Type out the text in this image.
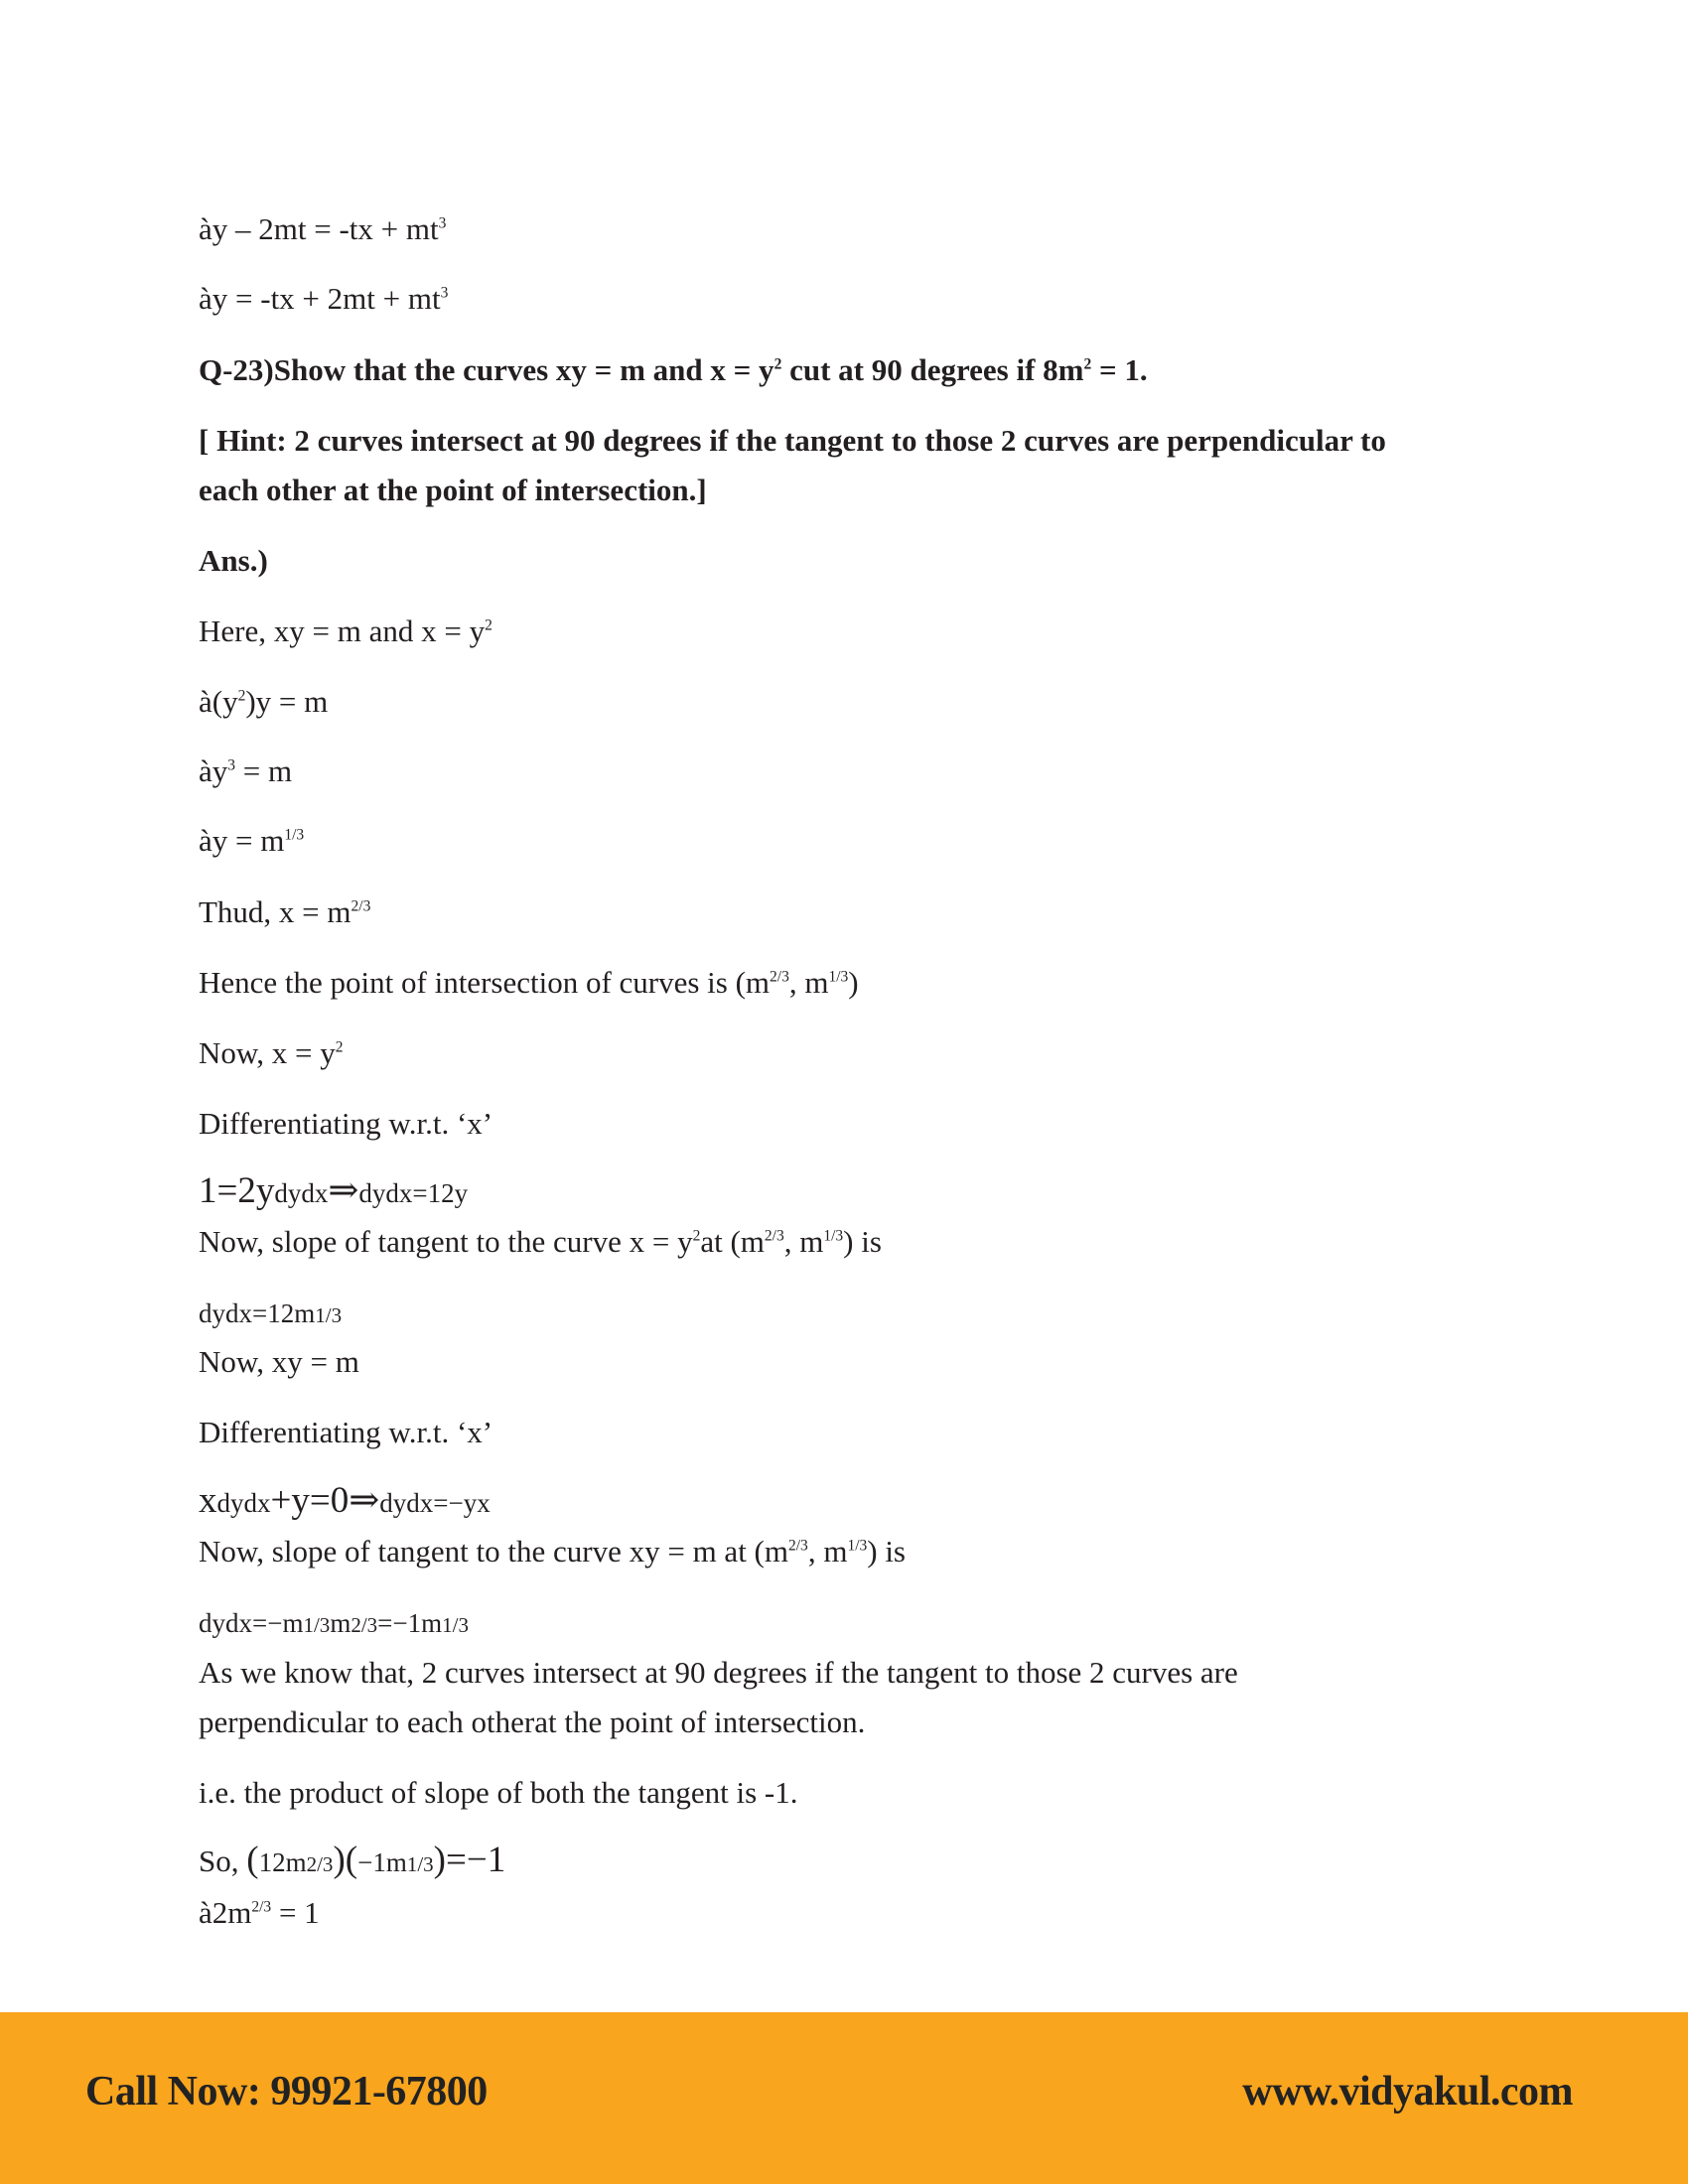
ày – $2mt = -tx + mt^3$

ày = $-tx + 2mt + mt^3$

Q-23)Show that the curves xy = m and $x = y^2$ cut at 90 degrees if $8m^2 = 1$.

[ Hint: 2 curves intersect at 90 degrees if the tangent to those 2 curves are perpendicular to

each other at the point of intersection.]

Ans.)

Here, xy = m and $x = y^2$

$à(y^2)y = m$

$ày^3 = m$

ày = $m^{1/3}$

Thud, $x = m^{2/3}$

Hence the point of intersection of curves is ($m^{2/3}$, $m^{1/3}$)

Now, $x = y^2$

Differentiating w.r.t. ‘x’

1=2ydydx⇒dydx=12y

Now, slope of tangent to the curve $x = y^2at$ ($m^{2/3}$, $m^{1/3}$) is

dydx=12m1/3

Now, xy = m

Differentiating w.r.t. ‘x’

xdydx+y=0⇒dydx=−yx

Now, slope of tangent to the curve xy = m at ($m^{2/3}$, $m^{1/3}$) is

dydx=−m1/3m2/3=−1m1/3

As we know that, 2 curves intersect at 90 degrees if the tangent to those 2 curves are

perpendicular to each otherat the point of intersection.

i.e. the product of slope of both the tangent is -1.

So, (12m2/3)(−1m1/3)=−1

$à2m^{2/3} = 1$

Call Now: 99921-67800	www.vidyakul.com
